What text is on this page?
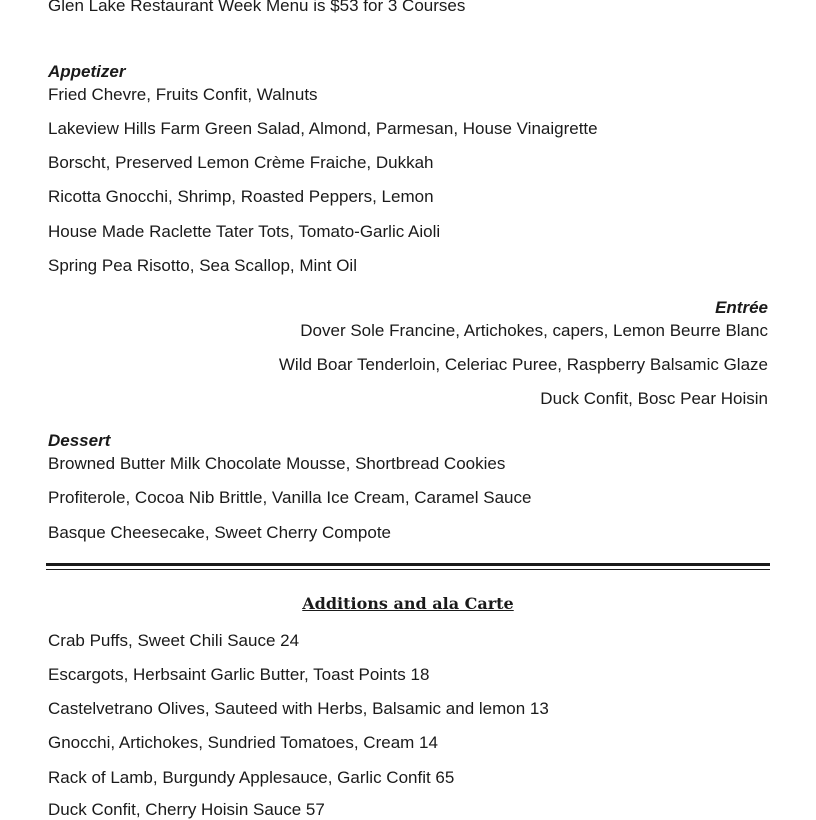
Glen Lake Restaurant Week Menu is $53 for 3 Courses

Appetizer

Fried Chevre, Fruits Confit, Walnuts

Lakeview Hills Farm Green Salad, Almond, Parmesan, House Vinaigrette

Borscht, Preserved Lemon Crème Fraiche, Dukkah

Ricotta Gnocchi, Shrimp, Roasted Peppers, Lemon

House Made Raclette Tater Tots, Tomato-Garlic Aioli

Spring Pea Risotto, Sea Scallop, Mint Oil

Entrée

Dover Sole Francine, Artichokes, capers, Lemon Beurre Blanc

Wild Boar Tenderloin, Celeriac Puree, Raspberry Balsamic Glaze

Duck Confit, Bosc Pear Hoisin

Dessert

Browned Butter Milk Chocolate Mousse, Shortbread Cookies

Profiterole, Cocoa Nib Brittle, Vanilla Ice Cream, Caramel Sauce

Basque Cheesecake, Sweet Cherry Compote

Additions and ala Carte

Crab Puffs, Sweet Chili Sauce 24

Escargots, Herbsaint Garlic Butter, Toast Points 18

Castelvetrano Olives, Sauteed with Herbs, Balsamic and lemon 13

Gnocchi, Artichokes, Sundried Tomatoes, Cream 14

Rack of Lamb, Burgundy Applesauce, Garlic Confit 65

Duck Confit, Cherry Hoisin Sauce 57
